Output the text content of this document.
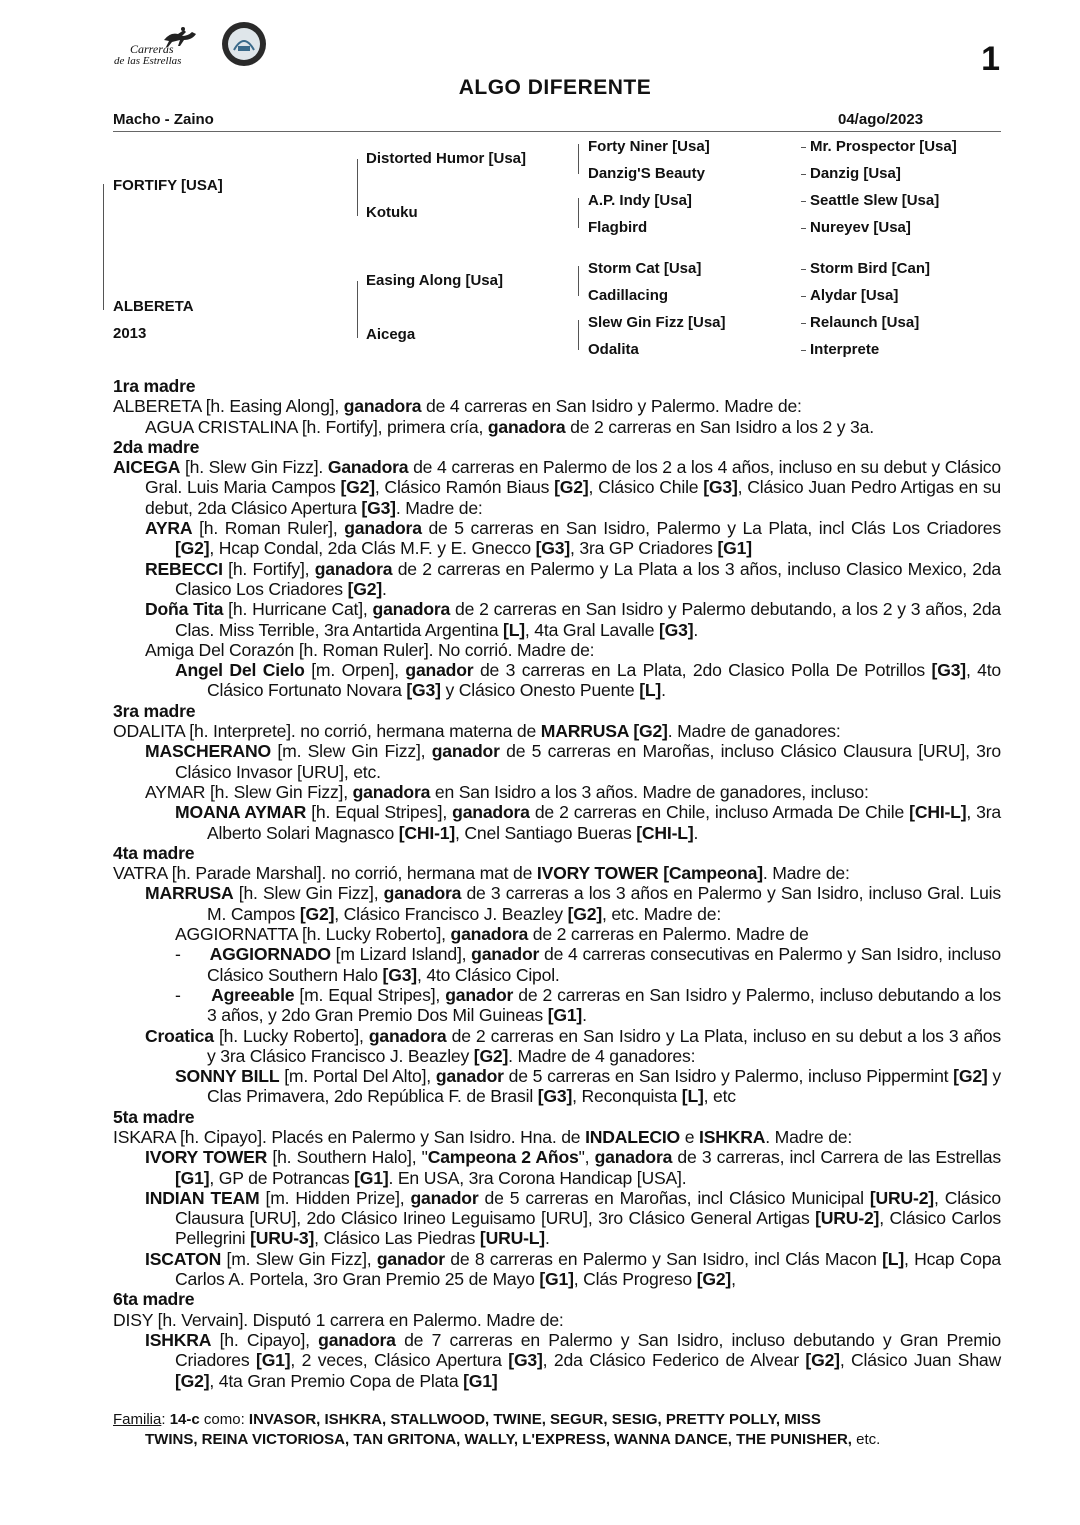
Carreras
de las Estrellas	1
ALGO DIFERENTE
Macho - Zaino	04/ago/2023
FORTIFY [USA]
ALBERETA
2013
Distorted Humor [Usa]
Kotuku
Easing Along [Usa]
Aicega
Forty Niner [Usa]
Danzig'S Beauty
A.P. Indy [Usa]
Flagbird
Storm Cat [Usa]
Cadillacing
Slew Gin Fizz [Usa]
Odalita
Mr. Prospector [Usa]
Danzig [Usa]
Seattle Slew [Usa]
Nureyev [Usa]
Storm Bird [Can]
Alydar [Usa]
Relaunch [Usa]
Interprete

1ra madre

ALBERETA [h. Easing Along], ganadora de 4 carreras en San Isidro y Palermo. Madre de:

AGUA CRISTALINA [h. Fortify], primera cría, ganadora de 2 carreras en San Isidro a los 2 y 3a.

2da madre

AICEGA [h. Slew Gin Fizz]. Ganadora de 4 carreras en Palermo de los 2 a los 4 años, incluso en su debut y Clásico Gral. Luis Maria Campos [G2], Clásico Ramón Biaus [G2], Clásico Chile [G3], Clásico Juan Pedro Artigas en su debut, 2da Clásico Apertura [G3]. Madre de:

AYRA [h. Roman Ruler], ganadora de 5 carreras en San Isidro, Palermo y La Plata, incl Clás Los Criadores [G2], Hcap Condal, 2da Clás M.F. y E. Gnecco [G3], 3ra GP Criadores [G1]

REBECCI [h. Fortify], ganadora de 2 carreras en Palermo y La Plata a los 3 años, incluso Clasico Mexico, 2da Clasico Los Criadores [G2].

Doña Tita [h. Hurricane Cat], ganadora de 2 carreras en San Isidro y Palermo debutando, a los 2 y 3 años, 2da Clas. Miss Terrible, 3ra Antartida Argentina [L], 4ta Gral Lavalle [G3].

Amiga Del Corazón [h. Roman Ruler]. No corrió. Madre de:

Angel Del Cielo [m. Orpen], ganador de 3 carreras en La Plata, 2do Clasico Polla De Potrillos [G3], 4to Clásico Fortunato Novara [G3] y Clásico Onesto Puente [L].

3ra madre

ODALITA [h. Interprete]. no corrió, hermana materna de MARRUSA [G2]. Madre de ganadores:

MASCHERANO [m. Slew Gin Fizz], ganador de 5 carreras en Maroñas, incluso Clásico Clausura [URU], 3ro Clásico Invasor [URU], etc.

AYMAR [h. Slew Gin Fizz], ganadora en San Isidro a los 3 años. Madre de ganadores, incluso:

MOANA AYMAR [h. Equal Stripes], ganadora de 2 carreras en Chile, incluso Armada De Chile [CHI-L], 3ra Alberto Solari Magnasco [CHI-1], Cnel Santiago Bueras [CHI-L].

4ta madre

VATRA [h. Parade Marshal]. no corrió, hermana mat de IVORY TOWER [Campeona]. Madre de:

MARRUSA [h. Slew Gin Fizz], ganadora de 3 carreras a los 3 años en Palermo y San Isidro, incluso Gral. Luis M. Campos [G2], Clásico Francisco J. Beazley [G2], etc. Madre de:

AGGIORNATTA [h. Lucky Roberto], ganadora de 2 carreras en Palermo. Madre de

-      AGGIORNADO [m Lizard Island], ganador de 4 carreras consecutivas en Palermo y San Isidro, incluso Clásico Southern Halo [G3], 4to Clásico Cipol.

-      Agreeable [m. Equal Stripes], ganador de 2 carreras en San Isidro y Palermo, incluso debutando a los 3 años, y 2do Gran Premio Dos Mil Guineas [G1].

Croatica [h. Lucky Roberto], ganadora de 2 carreras en San Isidro y La Plata, incluso en su debut a los 3 años y 3ra Clásico Francisco J. Beazley [G2]. Madre de 4 ganadores:

SONNY BILL [m. Portal Del Alto], ganador de 5 carreras en San Isidro y Palermo, incluso Pippermint [G2] y Clas Primavera, 2do República F. de Brasil [G3], Reconquista [L], etc

5ta madre

ISKARA [h. Cipayo]. Placés en Palermo y San Isidro. Hna. de INDALECIO e ISHKRA. Madre de:

IVORY TOWER [h. Southern Halo], "Campeona 2 Años", ganadora de 3 carreras, incl Carrera de las Estrellas [G1], GP de Potrancas [G1]. En USA, 3ra Corona Handicap [USA].

INDIAN TEAM [m. Hidden Prize], ganador de 5 carreras en Maroñas, incl Clásico Municipal [URU-2], Clásico Clausura [URU], 2do Clásico Irineo Leguisamo [URU], 3ro Clásico General Artigas [URU-2], Clásico Carlos Pellegrini [URU-3], Clásico Las Piedras [URU-L].

ISCATON [m. Slew Gin Fizz], ganador de 8 carreras en Palermo y San Isidro, incl Clás Macon [L], Hcap Copa Carlos A. Portela, 3ro Gran Premio 25 de Mayo [G1], Clás Progreso [G2],

6ta madre

DISY [h. Vervain]. Disputó 1 carrera en Palermo. Madre de:

ISHKRA [h. Cipayo], ganadora de 7 carreras en Palermo y San Isidro, incluso debutando y Gran Premio Criadores [G1], 2 veces, Clásico Apertura [G3], 2da Clásico Federico de Alvear [G2], Clásico Juan Shaw [G2], 4ta Gran Premio Copa de Plata [G1]

Familia: 14-c como: INVASOR, ISHKRA, STALLWOOD, TWINE, SEGUR, SESIG, PRETTY POLLY, MISS
TWINS, REINA VICTORIOSA, TAN GRITONA, WALLY, L'EXPRESS, WANNA DANCE, THE PUNISHER, etc.
